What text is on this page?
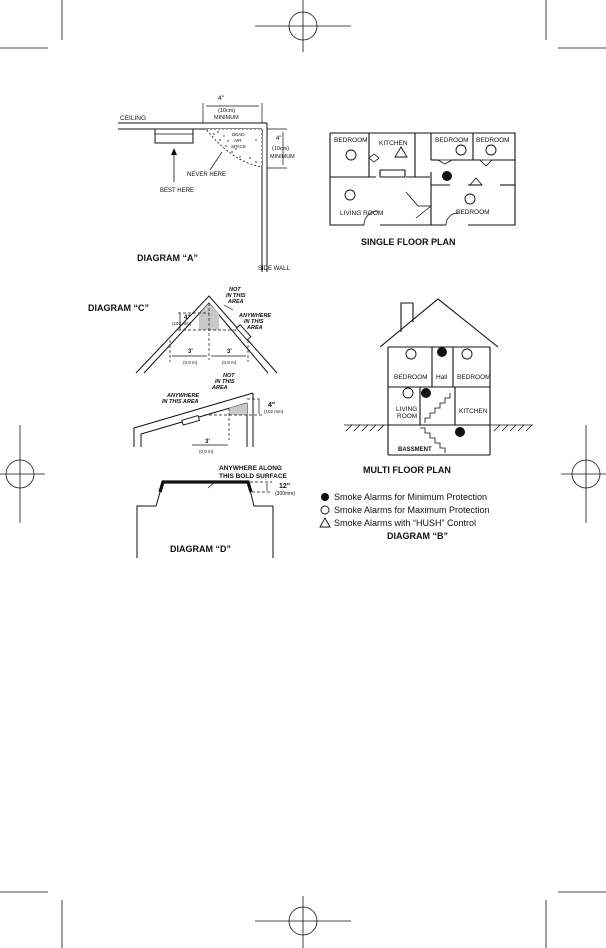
4"
(10cm)
MINIMUM
4"
(10cm)
MINIMUM
DEAD
AIR
SPACE
CEILING
NEVER HERE
BEST HERE
SIDE WALL
DIAGRAM “A”
BEDROOM KITCHEN	BEDROOM BEDROOM
LIVING ROOM	BEDROOM
SINGLE FLOOR PLAN
DIAGRAM “C”
NOT
IN THIS
AREA
ANYWHERE
IN THIS
AREA
4"
(102 mm)
3'
(0,9 m)
3'
(0,9 m)
NOT
IN THIS
AREA
ANYWHERE
IN THIS AREA	4"
(102 mm)
3'
(0,9 m)
BEDROOM Hall BEDROOM
LIVING
ROOM
KITCHEN
BASSMENT
MULTI FLOOR PLAN
ANYWHERE ALONG
THIS BOLD SURFACE
12"
(300mm)
DIAGRAM “D”
Smoke Alarms for Minimum Protection
Smoke Alarms for Maximum Protection
Smoke Alarms with “HUSH” Control
DIAGRAM “B”
